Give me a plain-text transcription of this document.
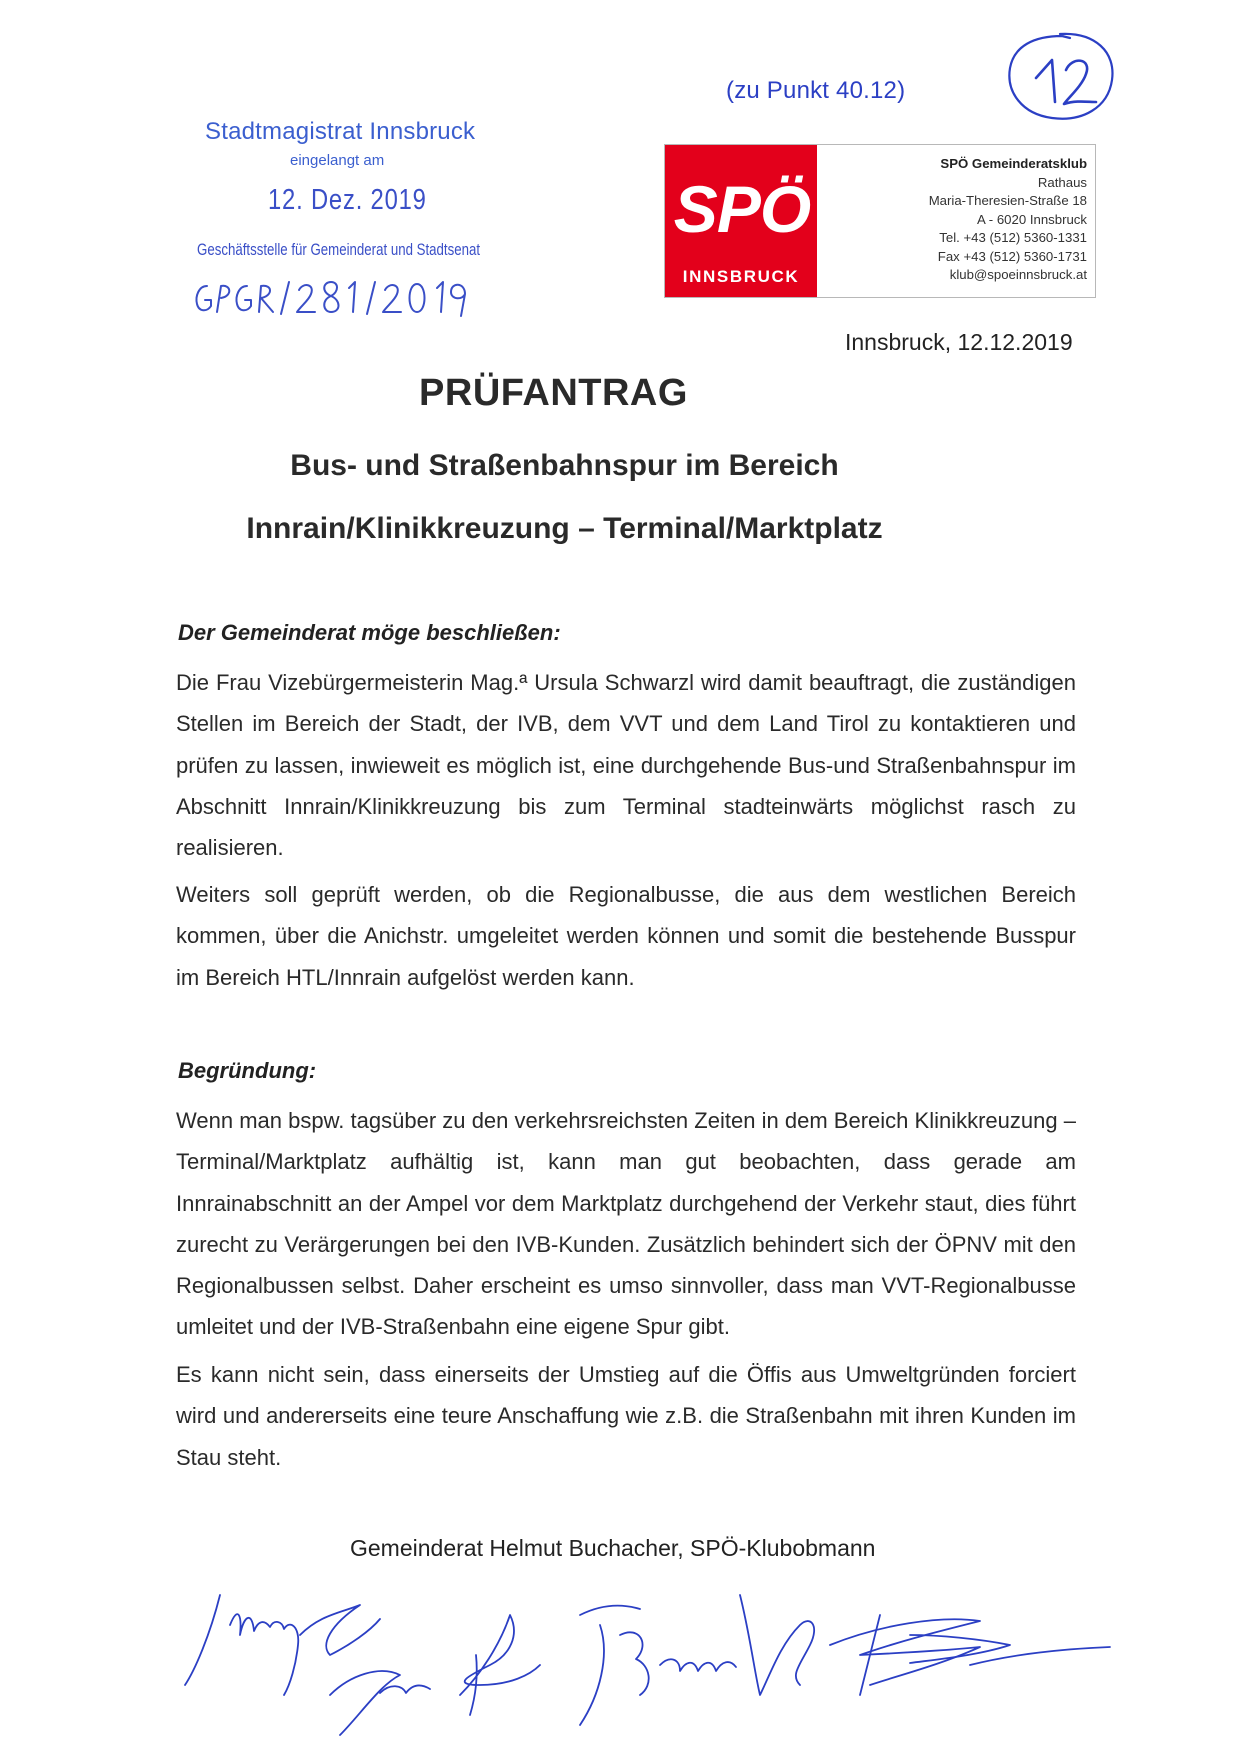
(zu Punkt 40.12)
Stadtmagistrat Innsbruck
eingelangt am
12. Dez. 2019
Geschäftsstelle für Gemeinderat und Stadtsenat
SPÖ
INNSBRUCK
SPÖ Gemeinderatsklub
Rathaus
Maria-Theresien-Straße 18
A - 6020 Innsbruck
Tel. +43 (512) 5360-1331
Fax +43 (512) 5360-1731
klub@spoeinnsbruck.at
Innsbruck, 12.12.2019
PRÜFANTRAG
Bus- und Straßenbahnspur im Bereich
Innrain/Klinikkreuzung – Terminal/Marktplatz
Der Gemeinderat möge beschließen:
Die Frau Vizebürgermeisterin Mag.ª Ursula Schwarzl wird damit beauftragt, die zuständigen Stellen im Bereich der Stadt, der IVB, dem VVT und dem Land Tirol zu kontaktieren und prüfen zu lassen, inwieweit es möglich ist, eine durchgehende Bus-und Straßenbahnspur im Abschnitt Innrain/Klinikkreuzung bis zum Terminal stadteinwärts möglichst rasch zu realisieren.
Weiters soll geprüft werden, ob die Regionalbusse, die aus dem westlichen Bereich kommen, über die Anichstr. umgeleitet werden können und somit die bestehende Busspur im Bereich HTL/Innrain aufgelöst werden kann.
Begründung:
Wenn man bspw. tagsüber zu den verkehrsreichsten Zeiten in dem Bereich Klinikkreuzung – Terminal/Marktplatz aufhältig ist, kann man gut beobachten, dass gerade am Innrainabschnitt an der Ampel vor dem Marktplatz durchgehend der Verkehr staut, dies führt zurecht zu Verärgerungen bei den IVB-Kunden. Zusätzlich behindert sich der ÖPNV mit den Regionalbussen selbst. Daher erscheint es umso sinnvoller, dass man VVT-Regionalbusse umleitet und der IVB-Straßenbahn eine eigene Spur gibt.
Es kann nicht sein, dass einerseits der Umstieg auf die Öffis aus Umweltgründen forciert wird und andererseits eine teure Anschaffung wie z.B. die Straßenbahn mit ihren Kunden im Stau steht.
Gemeinderat Helmut Buchacher, SPÖ-Klubobmann
